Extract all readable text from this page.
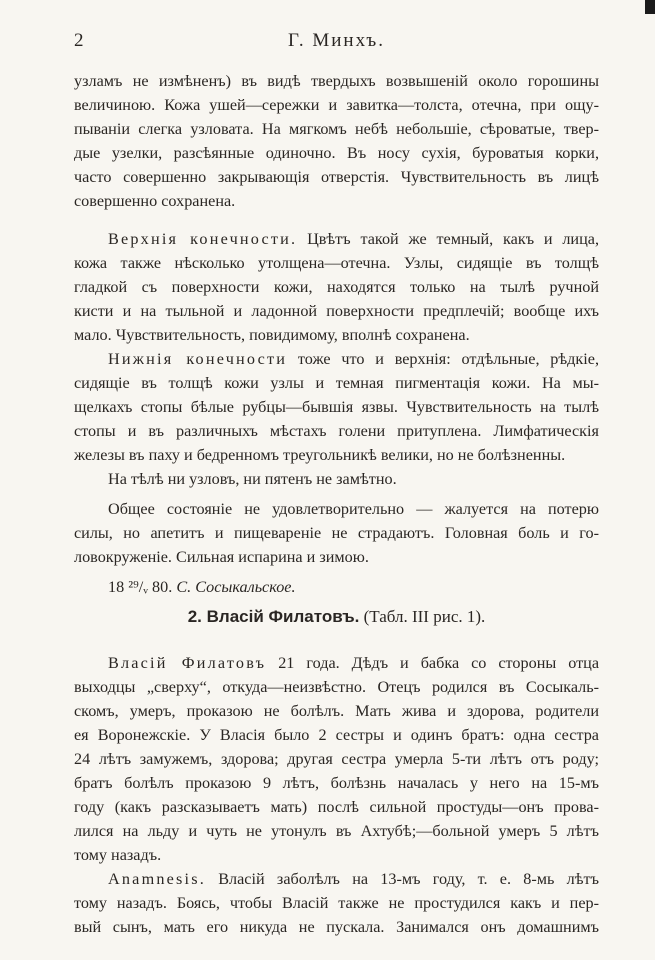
2	Г. Минхъ.
узламъ не измѣненъ) въ видѣ твердыхъ возвышеній около горошины
величиною. Кожа ушей—сережки и завитка—толста, отечна, при ощу-
пываніи слегка узловата. На мягкомъ небѣ небольшіе, сѣроватые, твер-
дые узелки, разсѣянные одиночно. Въ носу сухія, буроватыя корки,
часто совершенно закрывающія отверстія. Чувствительность въ лицѣ
совершенно сохранена.
Верхнія конечности. Цвѣтъ такой же темный, какъ и лица,
кожа также нѣсколько утолщена—отечна. Узлы, сидящіе въ толщѣ
гладкой съ поверхности кожи, находятся только на тылѣ ручной
кисти и на тыльной и ладонной поверхности предплечій; вообще ихъ
мало. Чувствительность, повидимому, вполнѣ сохранена.
Нижнія конечности тоже что и верхнія: отдѣльные, рѣдкіе,
сидящіе въ толщѣ кожи узлы и темная пигментація кожи. На мы-
щелкахъ стопы бѣлые рубцы—бывшія язвы. Чувствительность на тылѣ
стопы и въ различныхъ мѣстахъ голени притуплена. Лимфатическія
железы въ паху и бедренномъ треугольникѣ велики, но не болѣзненны.
На тѣлѣ ни узловъ, ни пятенъ не замѣтно.
Общее состояніе не удовлетворительно — жалуется на потерю
силы, но апетитъ и пищевареніе не страдаютъ. Головная боль и го-
ловокруженіе. Сильная испарина и зимою.
18 ²⁹/ᵥ 80. С. Сосыкальское.
2. Власій Филатовъ. (Табл. III рис. 1).
Власій Филатовъ 21 года. Дѣдъ и бабка со стороны отца
выходцы „сверху“, откуда—неизвѣстно. Отецъ родился въ Сосыкаль-
скомъ, умеръ, проказою не болѣлъ. Мать жива и здорова, родители
ея Воронежскіе. У Власія было 2 сестры и одинъ братъ: одна сестра
24 лѣтъ замужемъ, здорова; другая сестра умерла 5-ти лѣтъ отъ роду;
братъ болѣлъ проказою 9 лѣтъ, болѣзнь началась у него на 15-мъ
году (какъ разсказываетъ мать) послѣ сильной простуды—онъ прова-
лился на льду и чуть не утонулъ въ Ахтубѣ;—больной умеръ 5 лѣтъ
тому назадъ.
Anamnesis. Власій заболѣлъ на 13-мъ году, т. е. 8-мь лѣтъ
тому назадъ. Боясь, чтобы Власій также не простудился какъ и пер-
вый сынъ, мать его никуда не пускала. Занимался онъ домашнимъ
